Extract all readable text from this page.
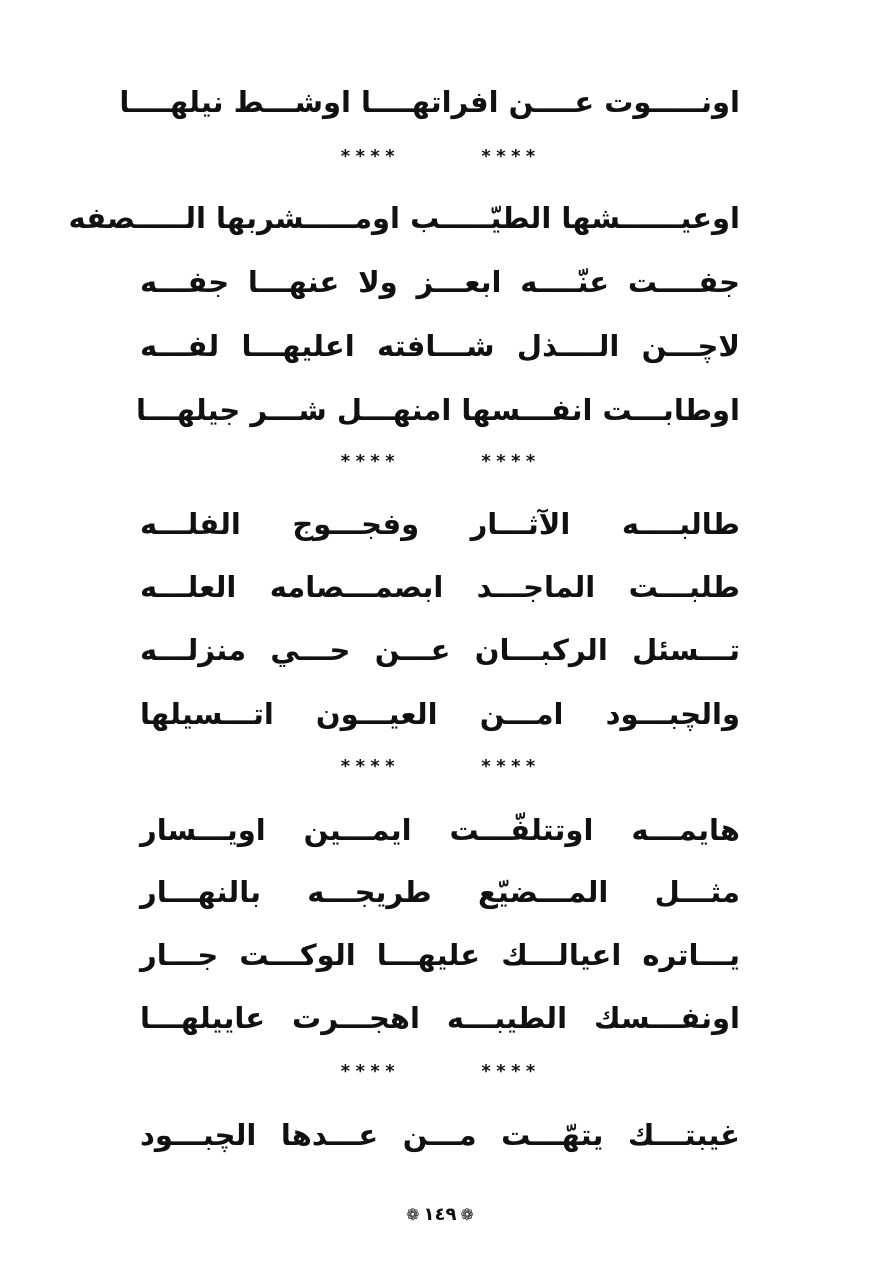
اونـــــوت عــــن افراتهــــا اوشـــط نيلهــــا
****	****
اوعيــــــشها الطيّـــــب اومـــــشربها الـــــصفه
جفــــت عنّــــه ابعـــز ولا عنهـــا جفـــه
لاچـــن الــــذل شـــافته اعليهـــا لفـــه
اوطابـــت انفـــسها امنهـــل شـــر جيلهـــا
****	****
طالبــــه الآثـــار وفجـــوج الفلـــه
طلبـــت الماجـــد ابصمـــصامه العلـــه
تـــسئل الركبـــان عـــن حـــي منزلـــه
والچبـــود امـــن العيـــون اتـــسيلها
****	****
هايمـــه اوتتلفّـــت ايمـــين اويـــسار
مثـــل المـــضيّع طريجـــه بالنهـــار
يـــاتره اعيالـــك عليهـــا الوكـــت جـــار
اونفـــسك الطيبـــه اهجـــرت عاييلهـــا
****	****
غيبتـــك يتهّـــت مـــن عـــدها الچبـــود
❁ ١٤٩ ❁
